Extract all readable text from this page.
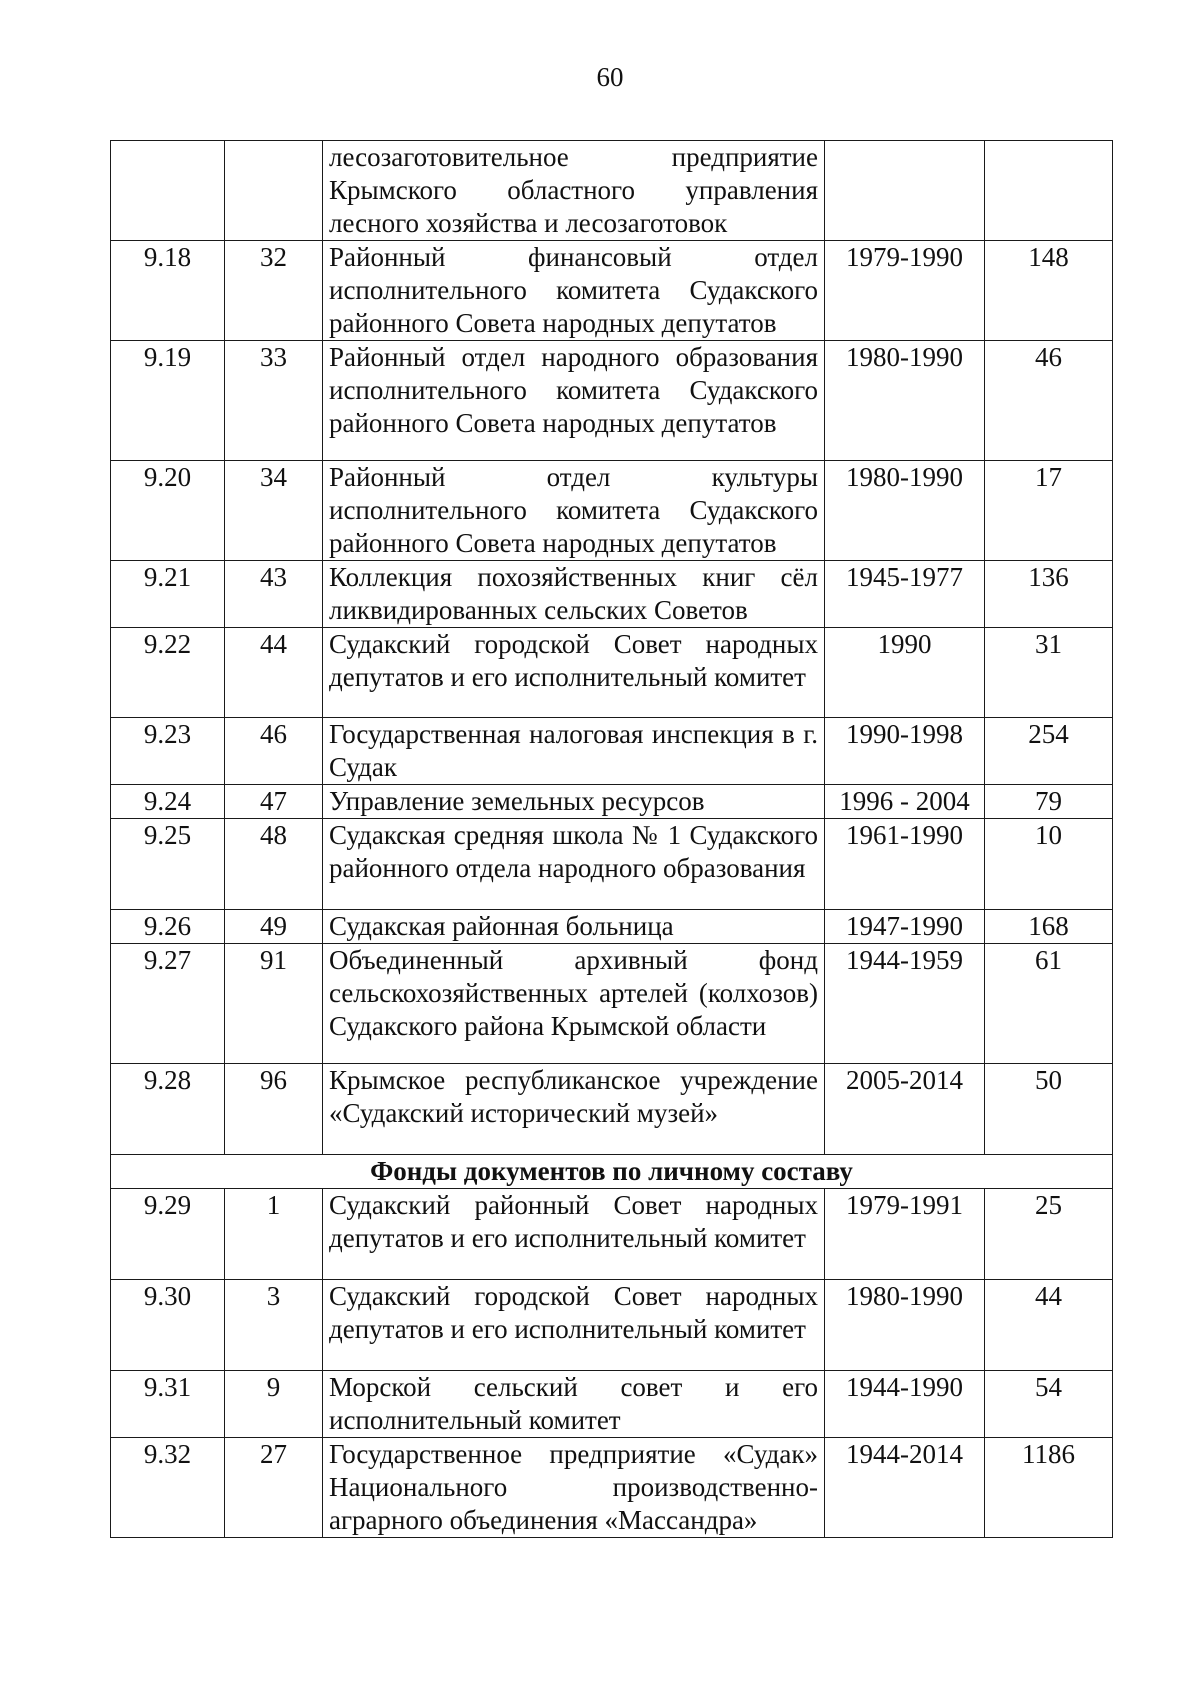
60
		лесозаготовительное предприятие Крымского областного управления лесного хозяйства и лесозаготовок		
9.18	32	Районный финансовый отдел исполнительного комитета Судакского районного Совета народных депутатов	1979-1990	148
9.19	33	Районный отдел народного образования исполнительного комитета Судакского районного Совета народных депутатов	1980-1990	46
9.20	34	Районный отдел культуры исполнительного комитета Судакского районного Совета народных депутатов	1980-1990	17
9.21	43	Коллекция похозяйственных книг сёл ликвидированных сельских Советов	1945-1977	136
9.22	44	Судакский городской Совет народных депутатов и его исполнительный комитет	1990	31
9.23	46	Государственная налоговая инспекция в г. Судак	1990-1998	254
9.24	47	Управление земельных ресурсов	1996 - 2004	79
9.25	48	Судакская средняя школа № 1 Судакского районного отдела народного образования	1961-1990	10
9.26	49	Судакская районная больница	1947-1990	168
9.27	91	Объединенный архивный фонд сельскохозяйственных артелей (колхозов) Судакского района Крымской области	1944-1959	61
9.28	96	Крымское республиканское учреждение «Судакский исторический музей»	2005-2014	50
Фонды документов по личному составу				
9.29	1	Судакский районный Совет народных депутатов и его исполнительный комитет	1979-1991	25
9.30	3	Судакский городской Совет народных депутатов и его исполнительный комитет	1980-1990	44
9.31	9	Морской сельский совет и его исполнительный комитет	1944-1990	54
9.32	27	Государственное предприятие «Судак» Национального производственно-аграрного объединения «Массандра»	1944-2014	1186
